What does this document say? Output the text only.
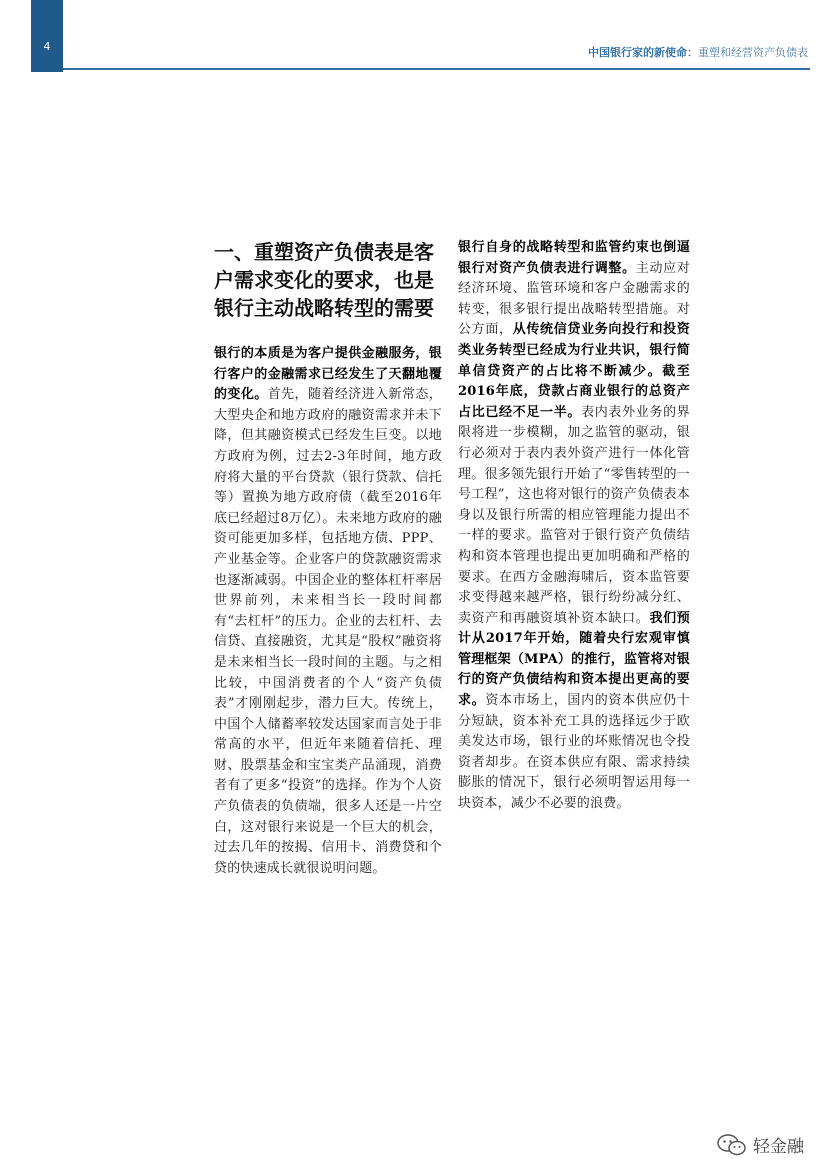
4	中国银行家的新使命：重塑和经营资产负债表
一、重塑资产负债表是客户需求变化的要求，也是银行主动战略转型的需要

银行的本质是为客户提供金融服务，银行客户的金融需求已经发生了天翻地覆的变化。首先，随着经济进入新常态，大型央企和地方政府的融资需求并未下降，但其融资模式已经发生巨变。以地方政府为例，过去2-3年时间，地方政府将大量的平台贷款（银行贷款、信托等）置换为地方政府债（截至2016年底已经超过8万亿）。未来地方政府的融资可能更加多样，包括地方债、PPP、产业基金等。企业客户的贷款融资需求也逐渐减弱。中国企业的整体杠杆率居世界前列，未来相当长一段时间都有“去杠杆”的压力。企业的去杠杆、去信贷、直接融资，尤其是“股权”融资将是未来相当长一段时间的主题。与之相比较，中国消费者的个人“资产负债表”才刚刚起步，潜力巨大。传统上，中国个人储蓄率较发达国家而言处于非常高的水平，但近年来随着信托、理财、股票基金和宝宝类产品涌现，消费者有了更多“投资”的选择。作为个人资产负债表的负债端，很多人还是一片空白，这对银行来说是一个巨大的机会，过去几年的按揭、信用卡、消费贷和个贷的快速成长就很说明问题。

银行自身的战略转型和监管约束也倒逼银行对资产负债表进行调整。主动应对经济环境、监管环境和客户金融需求的转变，很多银行提出战略转型措施。对公方面，从传统信贷业务向投行和投资类业务转型已经成为行业共识，银行简单信贷资产的占比将不断减少。截至2016年底，贷款占商业银行的总资产占比已经不足一半。表内表外业务的界限将进一步模糊，加之监管的驱动，银行必须对于表内表外资产进行一体化管理。很多领先银行开始了“零售转型的一号工程”，这也将对银行的资产负债表本身以及银行所需的相应管理能力提出不一样的要求。监管对于银行资产负债结构和资本管理也提出更加明确和严格的要求。在西方金融海啸后，资本监管要求变得越来越严格，银行纷纷减分红、卖资产和再融资填补资本缺口。我们预计从2017年开始，随着央行宏观审慎管理框架（MPA）的推行，监管将对银行的资产负债结构和资本提出更高的要求。资本市场上，国内的资本供应仍十分短缺，资本补充工具的选择远少于欧美发达市场，银行业的坏账情况也令投资者却步。在资本供应有限、需求持续膨胀的情况下，银行必须明智运用每一块资本，减少不必要的浪费。

轻金融
